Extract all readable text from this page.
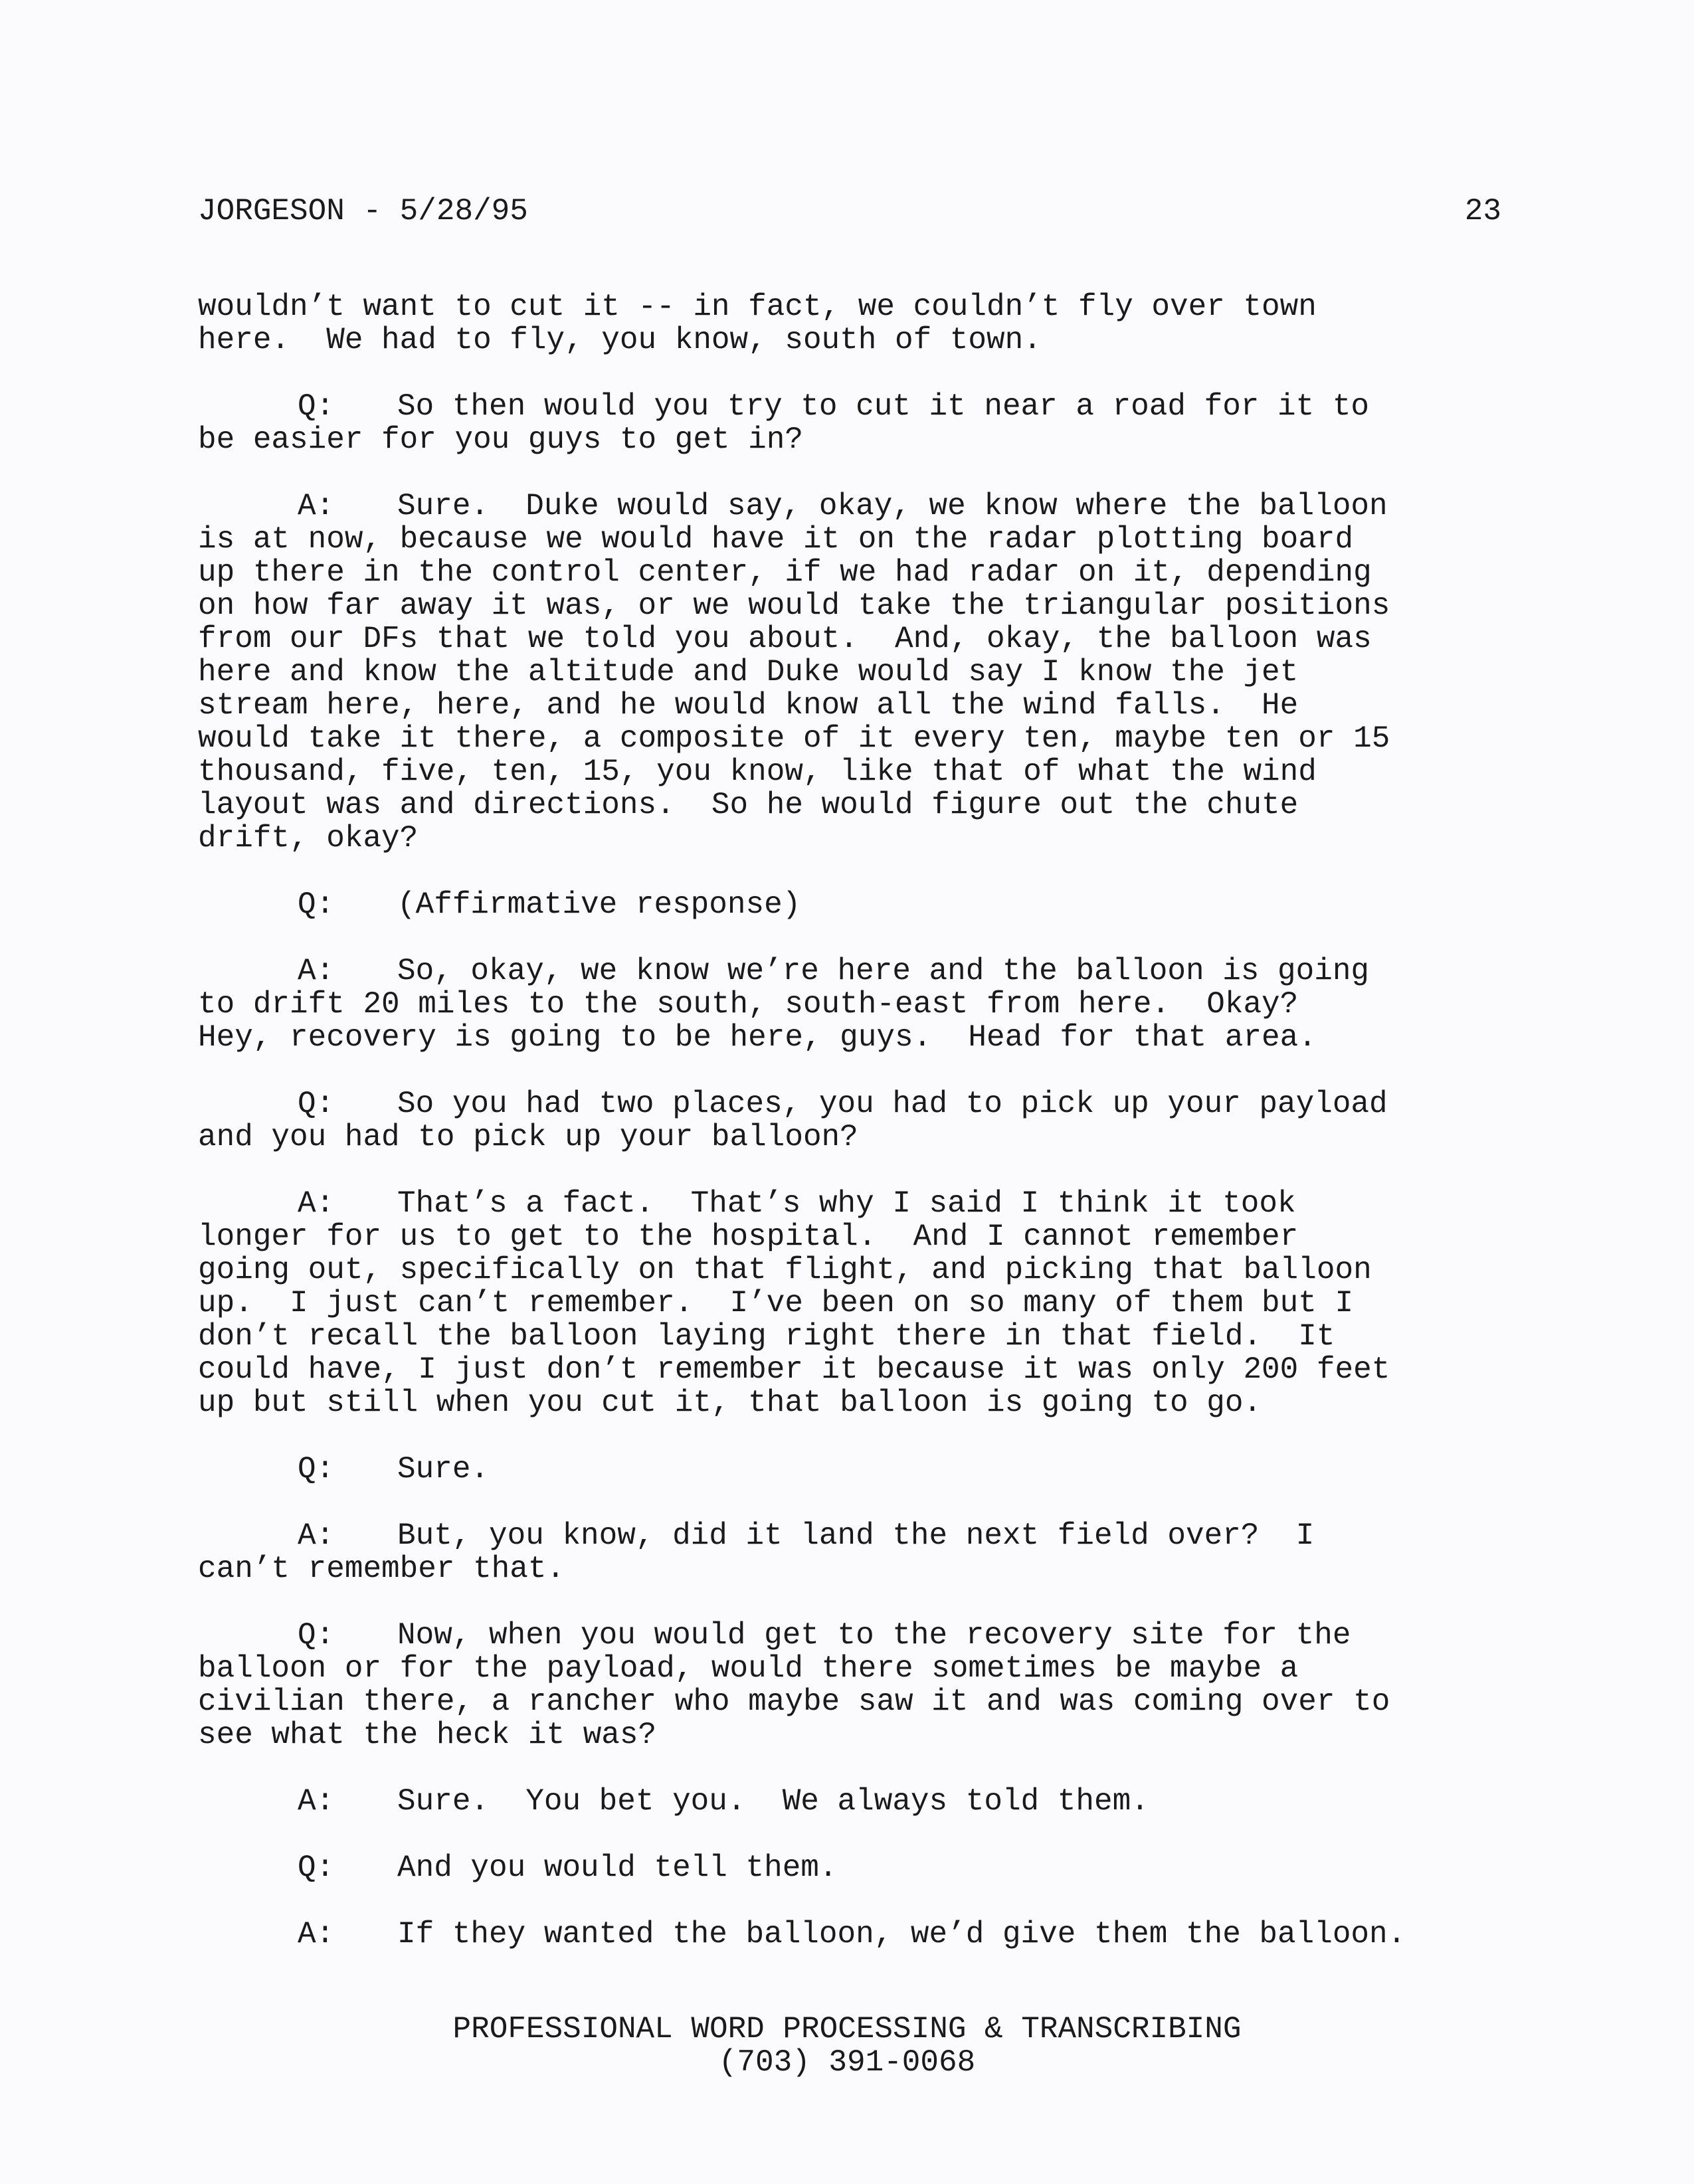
JORGESON - 5/28/95	23
wouldn’t want to cut it -- in fact, we couldn’t fly over town
here.  We had to fly, you know, south of town.
Q: So then would you try to cut it near a road for it to
be easier for you guys to get in?
A: Sure.  Duke would say, okay, we know where the balloon
is at now, because we would have it on the radar plotting board
up there in the control center, if we had radar on it, depending
on how far away it was, or we would take the triangular positions
from our DFs that we told you about.  And, okay, the balloon was
here and know the altitude and Duke would say I know the jet
stream here, here, and he would know all the wind falls.  He
would take it there, a composite of it every ten, maybe ten or 15
thousand, five, ten, 15, you know, like that of what the wind
layout was and directions.  So he would figure out the chute
drift, okay?
Q: (Affirmative response)
A: So, okay, we know we’re here and the balloon is going
to drift 20 miles to the south, south-east from here.  Okay?
Hey, recovery is going to be here, guys.  Head for that area.
Q: So you had two places, you had to pick up your payload
and you had to pick up your balloon?
A: That’s a fact.  That’s why I said I think it took
longer for us to get to the hospital.  And I cannot remember
going out, specifically on that flight, and picking that balloon
up.  I just can’t remember.  I’ve been on so many of them but I
don’t recall the balloon laying right there in that field.  It
could have, I just don’t remember it because it was only 200 feet
up but still when you cut it, that balloon is going to go.
Q: Sure.
A: But, you know, did it land the next field over?  I
can’t remember that.
Q: Now, when you would get to the recovery site for the
balloon or for the payload, would there sometimes be maybe a
civilian there, a rancher who maybe saw it and was coming over to
see what the heck it was?
A: Sure.  You bet you.  We always told them.
Q: And you would tell them.
A: If they wanted the balloon, we’d give them the balloon.
PROFESSIONAL WORD PROCESSING & TRANSCRIBING
(703) 391-0068
